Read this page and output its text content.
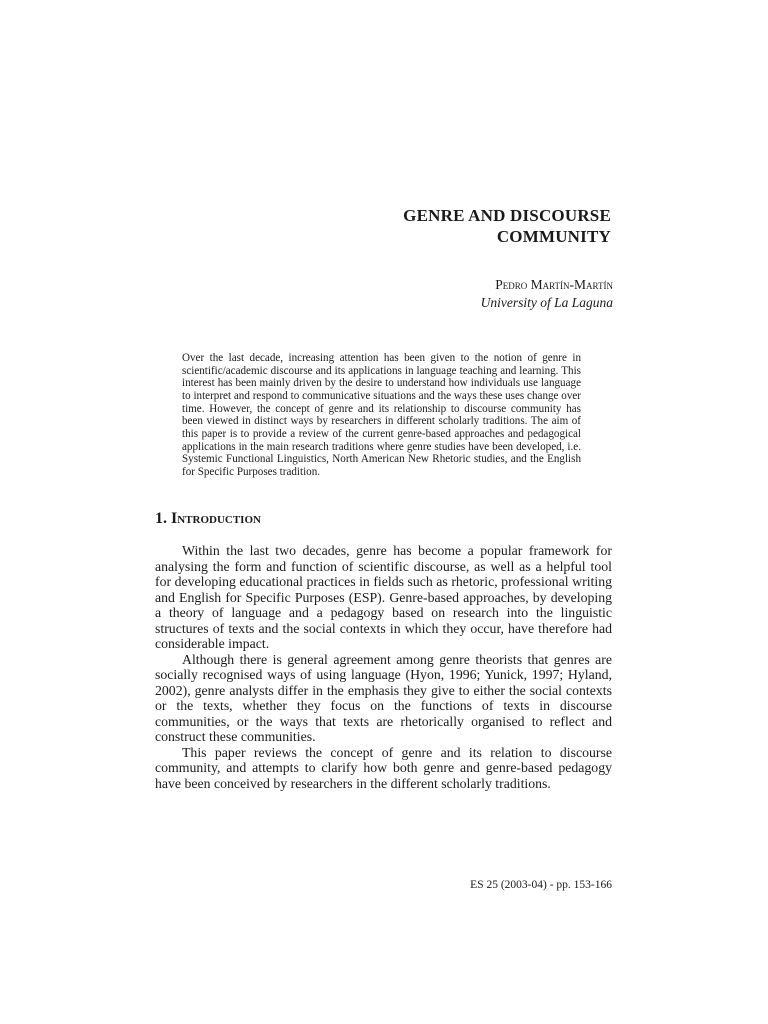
GENRE AND DISCOURSE
COMMUNITY
Pedro Martín-Martín
University of La Laguna

Over the last decade, increasing attention has been given to the notion of genre in scientific/academic discourse and its applications in language teaching and learning. This interest has been mainly driven by the desire to understand how individuals use language to interpret and respond to communicative situations and the ways these uses change over time. However, the concept of genre and its relationship to discourse community has been viewed in distinct ways by researchers in different scholarly traditions. The aim of this paper is to provide a review of the current genre-based approaches and pedagogical applications in the main research traditions where genre studies have been developed, i.e. Systemic Functional Linguistics, North American New Rhetoric studies, and the English for Specific Purposes tradition.

1. Introduction

Within the last two decades, genre has become a popular framework for analysing the form and function of scientific discourse, as well as a helpful tool for developing educational practices in fields such as rhetoric, professional writing and English for Specific Purposes (ESP). Genre-based approaches, by developing a theory of language and a pedagogy based on research into the linguistic structures of texts and the social contexts in which they occur, have therefore had considerable impact.

Although there is general agreement among genre theorists that genres are socially recognised ways of using language (Hyon, 1996; Yunick, 1997; Hyland, 2002), genre analysts differ in the emphasis they give to either the social contexts or the texts, whether they focus on the functions of texts in discourse communities, or the ways that texts are rhetorically organised to reflect and construct these communities.

This paper reviews the concept of genre and its relation to discourse community, and attempts to clarify how both genre and genre-based pedagogy have been conceived by researchers in the different scholarly traditions.

ES 25 (2003-04) - pp. 153-166
